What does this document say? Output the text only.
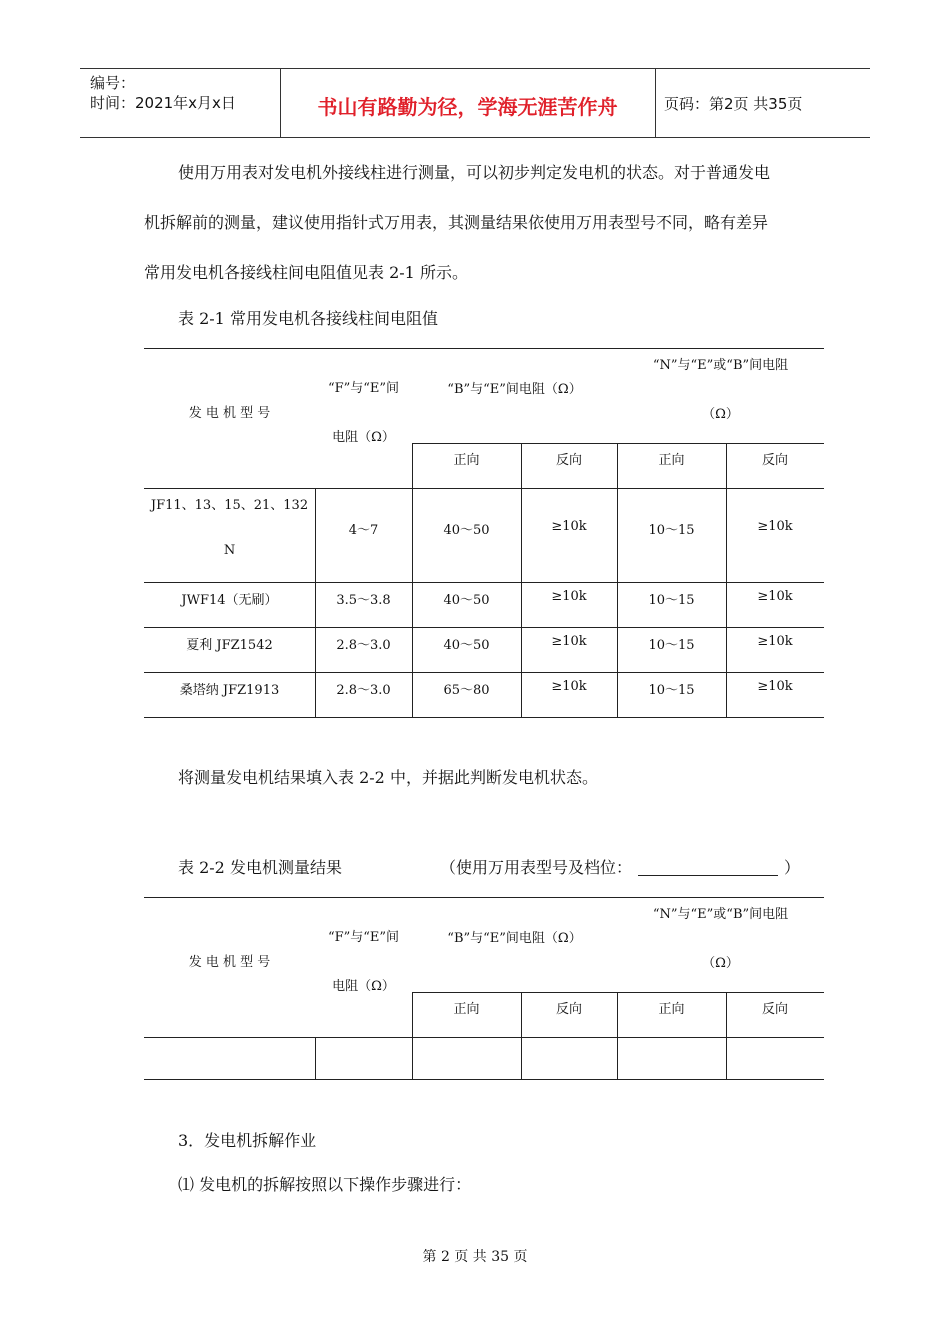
编号：
时间：2021年x月x日	书山有路勤为径，学海无涯苦作舟	页码：第2页 共35页
使用万用表对发电机外接线柱进行测量，可以初步判定发电机的状态。对于普通发电
机拆解前的测量，建议使用指针式万用表，其测量结果依使用万用表型号不同，略有差异
常用发电机各接线柱间电阻值见表 2-1 所示。
表 2-1 常用发电机各接线柱间电阻值
发 电 机 型 号
“F”与“E”间
电阻（Ω）
“B”与“E”间电阻（Ω）
“N”与“E”或“B”间电阻
（Ω）
正向	反向	正向	反向
JF11、13、15、21、132
N
4～7	40～50	≥10k	10～15	≥10k
JWF14（无刷）	3.5～3.8	40～50	≥10k	10～15	≥10k
夏利 JFZ1542	2.8～3.0	40～50	≥10k	10～15	≥10k
桑塔纳 JFZ1913	2.8～3.0	65～80	≥10k	10～15	≥10k
将测量发电机结果填入表 2-2 中，并据此判断发电机状态。
表 2-2 发电机测量结果	（使用万用表型号及档位：	）
发 电 机 型 号
“F”与“E”间
电阻（Ω）
“B”与“E”间电阻（Ω）
“N”与“E”或“B”间电阻
（Ω）
正向	反向	正向	反向
3．发电机拆解作业
⑴ 发电机的拆解按照以下操作步骤进行：
第 2 页 共 35 页
